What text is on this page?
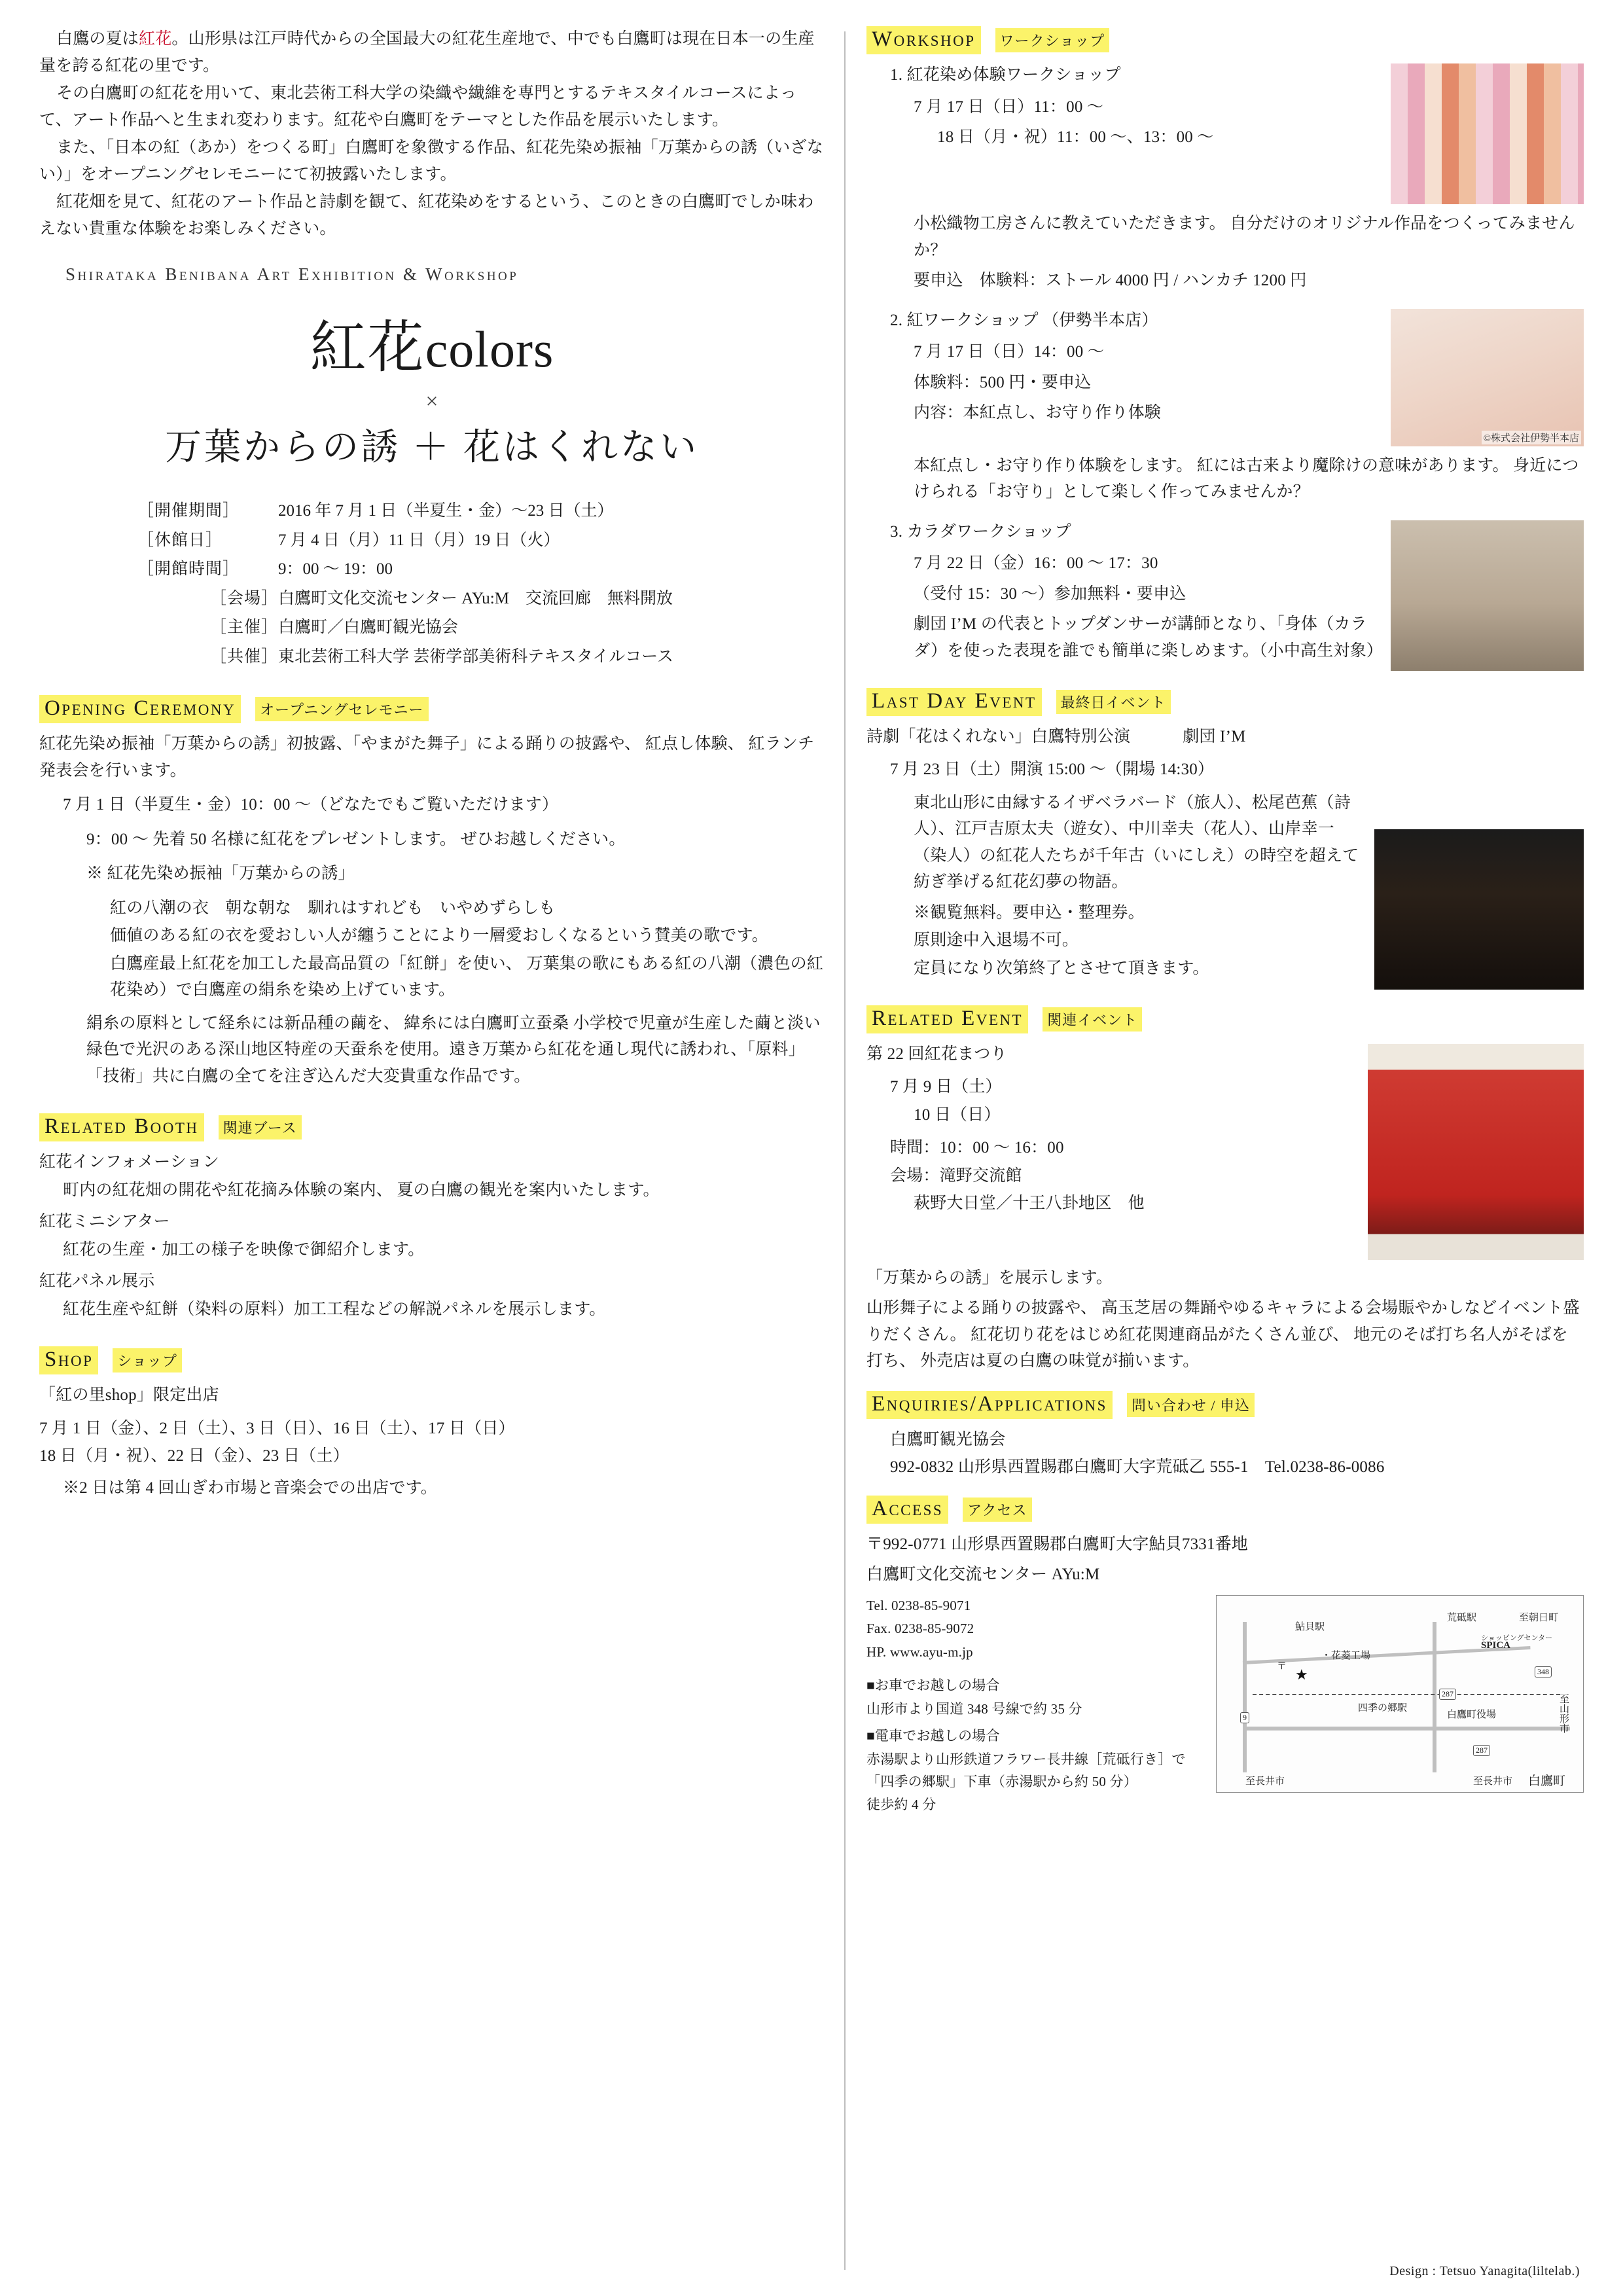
白鷹の夏は紅花。山形県は江戸時代からの全国最大の紅花生産地で、中でも白鷹町は現在日本一の生産量を誇る紅花の里です。

その白鷹町の紅花を用いて、東北芸術工科大学の染織や繊維を専門とするテキスタイルコースによって、アート作品へと生まれ変わります。紅花や白鷹町をテーマとした作品を展示いたします。

また、「日本の紅（あか）をつくる町」白鷹町を象徴する作品、紅花先染め振袖「万葉からの誘（いざない）」をオープニングセレモニーにて初披露いたします。

紅花畑を見て、紅花のアート作品と詩劇を観て、紅花染めをするという、このときの白鷹町でしか味わえない貴重な体験をお楽しみください。

Shirataka Benibana Art Exhibition & Workshop
紅花colors
×
万葉からの誘 ＋ 花はくれない
［開催期間］	2016 年 7 月 1 日（半夏生・金）〜23 日（土）
［休館日］	7 月 4 日（月）11 日（月）19 日（火）
［開館時間］	9：00 〜 19：00
［会場］ 白鷹町文化交流センター AYu:M　交流回廊　無料開放
［主催］ 白鷹町／白鷹町観光協会
［共催］ 東北芸術工科大学 芸術学部美術科テキスタイルコース
Opening Ceremony	オープニングセレモニー

紅花先染め振袖「万葉からの誘」初披露、「やまがた舞子」による踊りの披露や、 紅点し体験、 紅ランチ発表会を行います。

7 月 1 日（半夏生・金）10：00 〜（どなたでもご覧いただけます）

9：00 〜 先着 50 名様に紅花をプレゼントします。 ぜひお越しください。

※ 紅花先染め振袖「万葉からの誘」

紅の八潮の衣　朝な朝な　馴れはすれども　いやめずらしも

価値のある紅の衣を愛おしい人が纏うことにより一層愛おしくなるという賛美の歌です。

白鷹産最上紅花を加工した最高品質の「紅餅」を使い、 万葉集の歌にもある紅の八潮（濃色の紅花染め）で白鷹産の絹糸を染め上げています。

絹糸の原料として経糸には新品種の繭を、 緯糸には白鷹町立蚕桑 小学校で児童が生産した繭と淡い緑色で光沢のある深山地区特産の天蚕糸を使用。遠き万葉から紅花を通し現代に誘われ、「原料」「技術」共に白鷹の全てを注ぎ込んだ大変貴重な作品です。

Related Booth	関連ブース

紅花インフォメーション

町内の紅花畑の開花や紅花摘み体験の案内、 夏の白鷹の観光を案内いたします。

紅花ミニシアター

紅花の生産・加工の様子を映像で御紹介します。

紅花パネル展示

紅花生産や紅餅（染料の原料）加工工程などの解説パネルを展示します。

Shop	ショップ

「紅の里shop」限定出店

7 月 1 日（金）、2 日（土）、3 日（日）、16 日（土）、17 日（日）

18 日（月・祝）、22 日（金）、23 日（土）

※2 日は第 4 回山ぎわ市場と音楽会での出店です。

Workshop	ワークショップ

1. 紅花染め体験ワークショップ

7 月 17 日（日）11：00 〜

18 日（月・祝）11：00 〜、13：00 〜

小松織物工房さんに教えていただきます。 自分だけのオリジナル作品をつくってみませんか？

要申込　体験料：ストール 4000 円 / ハンカチ 1200 円

2. 紅ワークショップ （伊勢半本店）

7 月 17 日（日）14：00 〜

体験料：500 円・要申込

内容：本紅点し、お守り作り体験

©株式会社伊勢半本店

本紅点し・お守り作り体験をします。 紅には古来より魔除けの意味があります。 身近につけられる「お守り」として楽しく作ってみませんか？

3. カラダワークショップ

7 月 22 日（金）16：00 〜 17：30

（受付 15：30 〜）参加無料・要申込

劇団 I’M の代表とトップダンサーが講師となり、「身体（カラダ）を使った表現を誰でも簡単に楽しめます。（小中高生対象）

Last Day Event	最終日イベント

詩劇「花はくれない」白鷹特別公演	劇団 I’M

7 月 23 日（土）開演 15:00 〜（開場 14:30）

東北山形に由縁するイザベラバード（旅人）、松尾芭蕉（詩人）、江戸吉原太夫（遊女）、中川幸夫（花人）、山岸幸一（染人）の紅花人たちが千年古（いにしえ）の時空を超えて紡ぎ挙げる紅花幻夢の物語。

※観覧無料。要申込・整理券。

原則途中入退場不可。

定員になり次第終了とさせて頂きます。

Related Event	関連イベント

第 22 回紅花まつり

7 月 9 日（土）

10 日（日）

時間：10：00 〜 16：00

会場：滝野交流館

萩野大日堂／十王八卦地区　他

「万葉からの誘」を展示します。

山形舞子による踊りの披露や、 高玉芝居の舞踊やゆるキャラによる会場賑やかしなどイベント盛りだくさん。 紅花切り花をはじめ紅花関連商品がたくさん並び、 地元のそば打ち名人がそばを打ち、 外売店は夏の白鷹の味覚が揃います。

Enquiries/Applications	問い合わせ / 申込

白鷹町観光協会

992-0832 山形県西置賜郡白鷹町大字荒砥乙 555-1　Tel.0238-86-0086

Access	アクセス

〒992-0771 山形県西置賜郡白鷹町大字鮎貝7331番地

白鷹町文化交流センター AYu:M

Tel. 0238-85-9071

Fax. 0238-85-9072

HP. www.ayu-m.jp

■お車でお越しの場合

山形市より国道 348 号線で約 35 分

■電車でお越しの場合

赤湯駅より山形鉄道フラワー長井線［荒砥行き］で「四季の郷駅」下車（赤湯駅から約 50 分）

徒歩約 4 分

★
〒
鮎貝駅
荒砥駅	至朝日町
・花菱工場
ショッピングセンター
SPICA
四季の郷駅
白鷹町役場
至長井市	至長井市 白鷹町
至山形市
9
287
348
287
Design : Tetsuo Yanagita(liltelab.)
